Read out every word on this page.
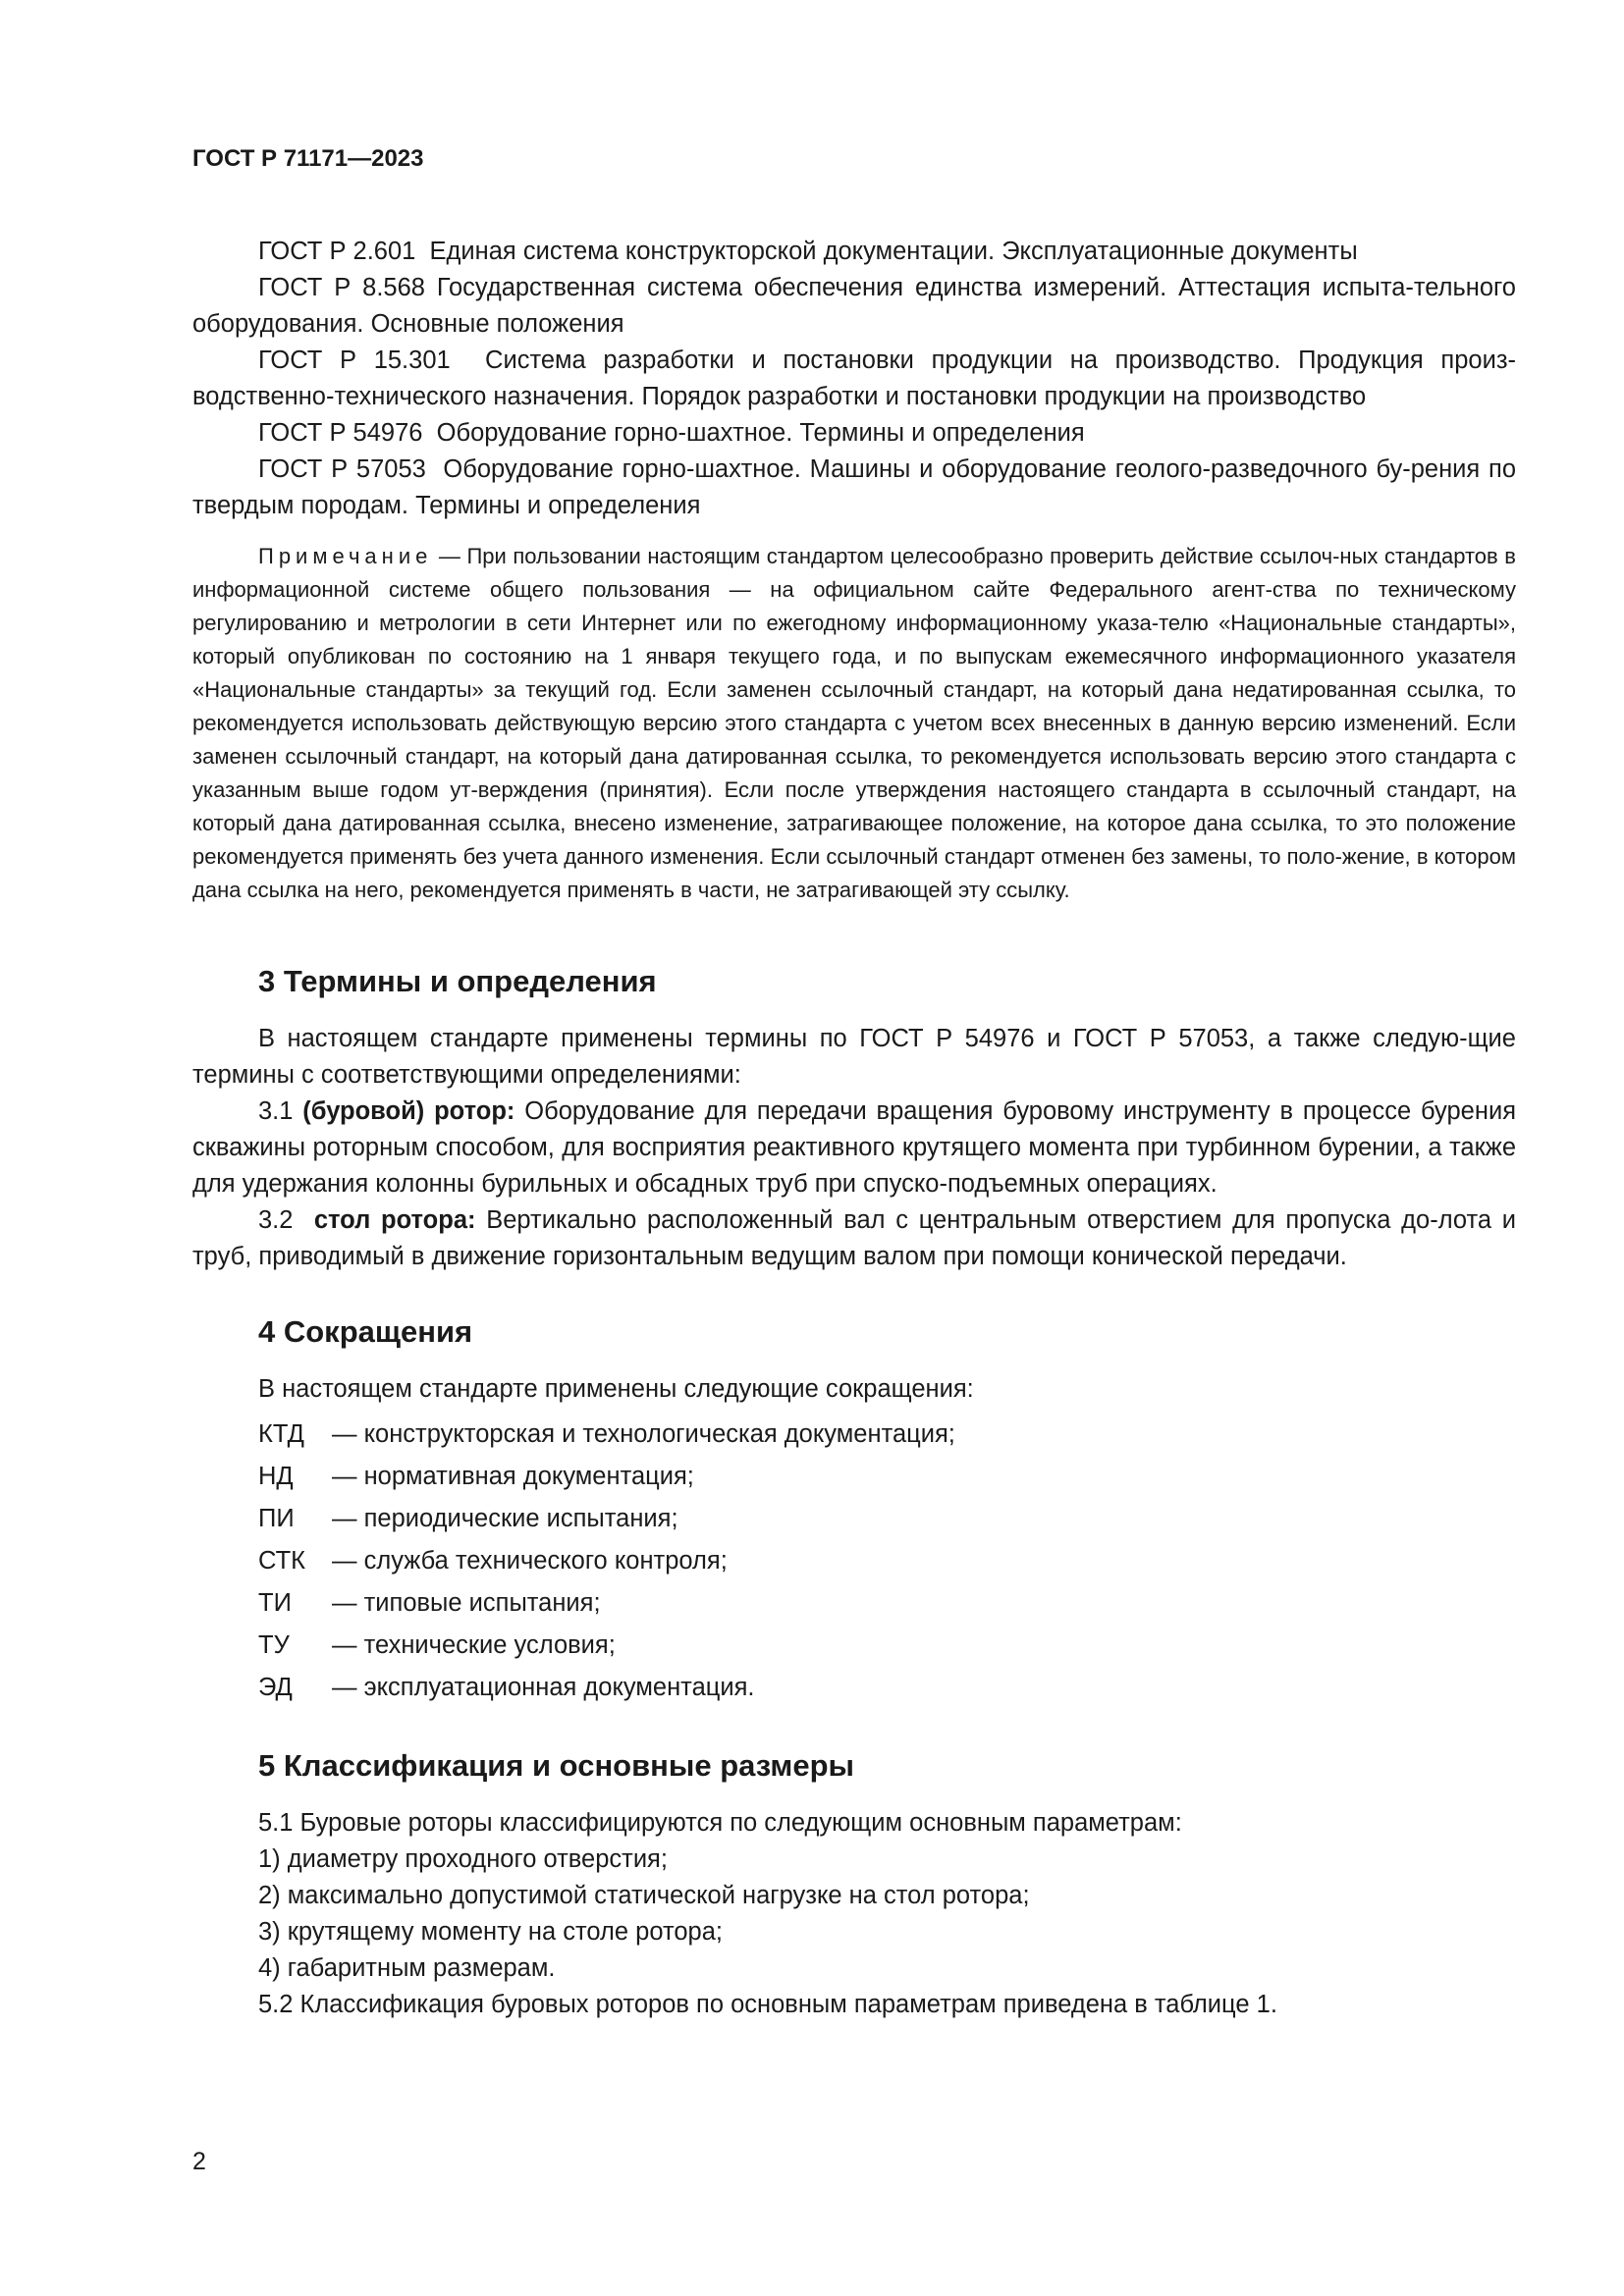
ГОСТ Р 71171—2023

ГОСТ Р 2.601 Единая система конструкторской документации. Эксплуатационные документы

ГОСТ Р 8.568 Государственная система обеспечения единства измерений. Аттестация испыта-тельного оборудования. Основные положения

ГОСТ Р 15.301 Система разработки и постановки продукции на производство. Продукция произ-водственно-технического назначения. Порядок разработки и постановки продукции на производство

ГОСТ Р 54976 Оборудование горно-шахтное. Термины и определения

ГОСТ Р 57053 Оборудование горно-шахтное. Машины и оборудование геолого-разведочного бу-рения по твердым породам. Термины и определения

Примечание — При пользовании настоящим стандартом целесообразно проверить действие ссылоч-ных стандартов в информационной системе общего пользования — на официальном сайте Федерального агент-ства по техническому регулированию и метрологии в сети Интернет или по ежегодному информационному указа-телю «Национальные стандарты», который опубликован по состоянию на 1 января текущего года, и по выпускам ежемесячного информационного указателя «Национальные стандарты» за текущий год. Если заменен ссылочный стандарт, на который дана недатированная ссылка, то рекомендуется использовать действующую версию этого стандарта с учетом всех внесенных в данную версию изменений. Если заменен ссылочный стандарт, на который дана датированная ссылка, то рекомендуется использовать версию этого стандарта с указанным выше годом ут-верждения (принятия). Если после утверждения настоящего стандарта в ссылочный стандарт, на который дана датированная ссылка, внесено изменение, затрагивающее положение, на которое дана ссылка, то это положение рекомендуется применять без учета данного изменения. Если ссылочный стандарт отменен без замены, то поло-жение, в котором дана ссылка на него, рекомендуется применять в части, не затрагивающей эту ссылку.

3 Термины и определения

В настоящем стандарте применены термины по ГОСТ Р 54976 и ГОСТ Р 57053, а также следую-щие термины с соответствующими определениями:

3.1 (буровой) ротор: Оборудование для передачи вращения буровому инструменту в процессе бурения скважины роторным способом, для восприятия реактивного крутящего момента при турбинном бурении, а также для удержания колонны бурильных и обсадных труб при спуско-подъемных операциях.

3.2 стол ротора: Вертикально расположенный вал с центральным отверстием для пропуска до-лота и труб, приводимый в движение горизонтальным ведущим валом при помощи конической передачи.

4 Сокращения
В настоящем стандарте применены следующие сокращения:
КТД	— конструкторская и технологическая документация;
НД	— нормативная документация;
ПИ	— периодические испытания;
СТК	— служба технического контроля;
ТИ	— типовые испытания;
ТУ	— технические условия;
ЭД	— эксплуатационная документация.
5 Классификация и основные размеры
5.1 Буровые роторы классифицируются по следующим основным параметрам:
1) диаметру проходного отверстия;
2) максимально допустимой статической нагрузке на стол ротора;
3) крутящему моменту на столе ротора;
4) габаритным размерам.
5.2 Классификация буровых роторов по основным параметрам приведена в таблице 1.
2
